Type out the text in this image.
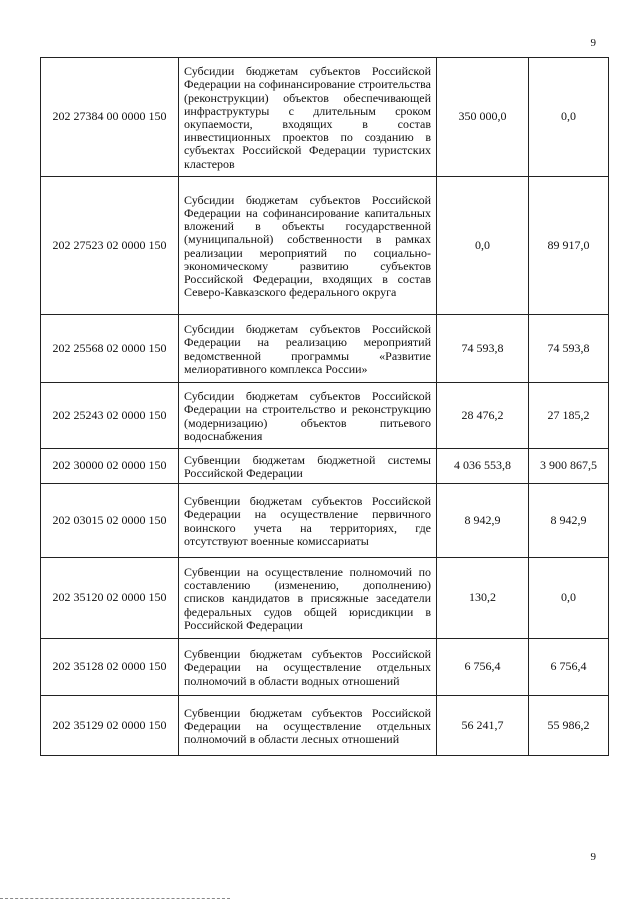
9
202 27384 00 0000 150	Субсидии бюджетам субъектов Российской Федерации на софинансирование строительства (реконструкции) объектов обеспечивающей инфраструктуры с длительным сроком окупаемости, входящих в состав инвестиционных проектов по созданию в субъектах Российской Федерации туристских кластеров	350 000,0	0,0
202 27523 02 0000 150	Субсидии бюджетам субъектов Российской Федерации на софинансирование капитальных вложений в объекты государственной (муниципальной) собственности в рамках реализации мероприятий по социально-экономическому развитию субъектов Российской Федерации, входящих в состав Северо-Кавказского федерального округа	0,0	89 917,0
202 25568 02 0000 150	Субсидии бюджетам субъектов Российской Федерации на реализацию мероприятий ведомственной программы «Развитие мелиоративного комплекса России»	74 593,8	74 593,8
202 25243 02 0000 150	Субсидии бюджетам субъектов Российской Федерации на строительство и реконструкцию (модернизацию) объектов питьевого водоснабжения	28 476,2	27 185,2
202 30000 02 0000 150	Субвенции бюджетам бюджетной системы Российской Федерации	4 036 553,8	3 900 867,5
202 03015 02 0000 150	Субвенции бюджетам субъектов Российской Федерации на осуществление первичного воинского учета на территориях, где отсутствуют военные комиссариаты	8 942,9	8 942,9
202 35120 02 0000 150	Субвенции на осуществление полномочий по составлению (изменению, дополнению) списков кандидатов в присяжные заседатели федеральных судов общей юрисдикции в Российской Федерации	130,2	0,0
202 35128 02 0000 150	Субвенции бюджетам субъектов Российской Федерации на осуществление отдельных полномочий в области водных отношений	6 756,4	6 756,4
202 35129 02 0000 150	Субвенции бюджетам субъектов Российской Федерации на осуществление отдельных полномочий в области лесных отношений	56 241,7	55 986,2
9
